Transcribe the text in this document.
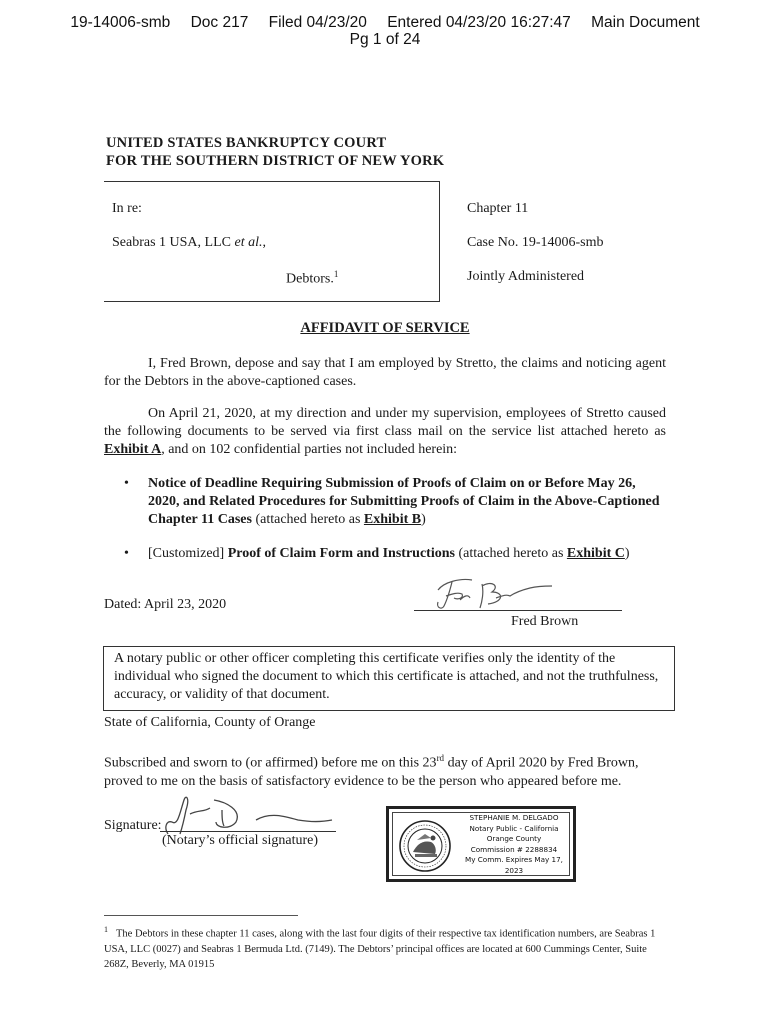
19-14006-smb Doc 217 Filed 04/23/20 Entered 04/23/20 16:27:47 Main Document
Pg 1 of 24
UNITED STATES BANKRUPTCY COURT
FOR THE SOUTHERN DISTRICT OF NEW YORK
In re:
Seabras 1 USA, LLC et al.,
Debtors.$^1$
Chapter 11
Case No. 19-14006-smb
Jointly Administered
AFFIDAVIT OF SERVICE
I, Fred Brown, depose and say that I am employed by Stretto, the claims and noticing agent for the Debtors in the above-captioned cases.
On April 21, 2020, at my direction and under my supervision, employees of Stretto caused the following documents to be served via first class mail on the service list attached hereto as Exhibit A, and on 102 confidential parties not included herein:
• Notice of Deadline Requiring Submission of Proofs of Claim on or Before May 26, 2020, and Related Procedures for Submitting Proofs of Claim in the Above-Captioned Chapter 11 Cases (attached hereto as Exhibit B)
• [Customized] Proof of Claim Form and Instructions (attached hereto as Exhibit C)
Dated: April 23, 2020
Fred Brown
A notary public or other officer completing this certificate verifies only the identity of the individual who signed the document to which this certificate is attached, and not the truthfulness, accuracy, or validity of that document.
State of California, County of Orange
Subscribed and sworn to (or affirmed) before me on this 23rd day of April 2020 by Fred Brown, proved to me on the basis of satisfactory evidence to be the person who appeared before me.
Signature:
(Notary’s official signature)
STEPHANIE M. DELGADO
Notary Public - California
Orange County
Commission # 2288834
My Comm. Expires May 17, 2023
$^1$ The Debtors in these chapter 11 cases, along with the last four digits of their respective tax identification numbers, are Seabras 1 USA, LLC (0027) and Seabras 1 Bermuda Ltd. (7149). The Debtors’ principal offices are located at 600 Cummings Center, Suite 268Z, Beverly, MA 01915
